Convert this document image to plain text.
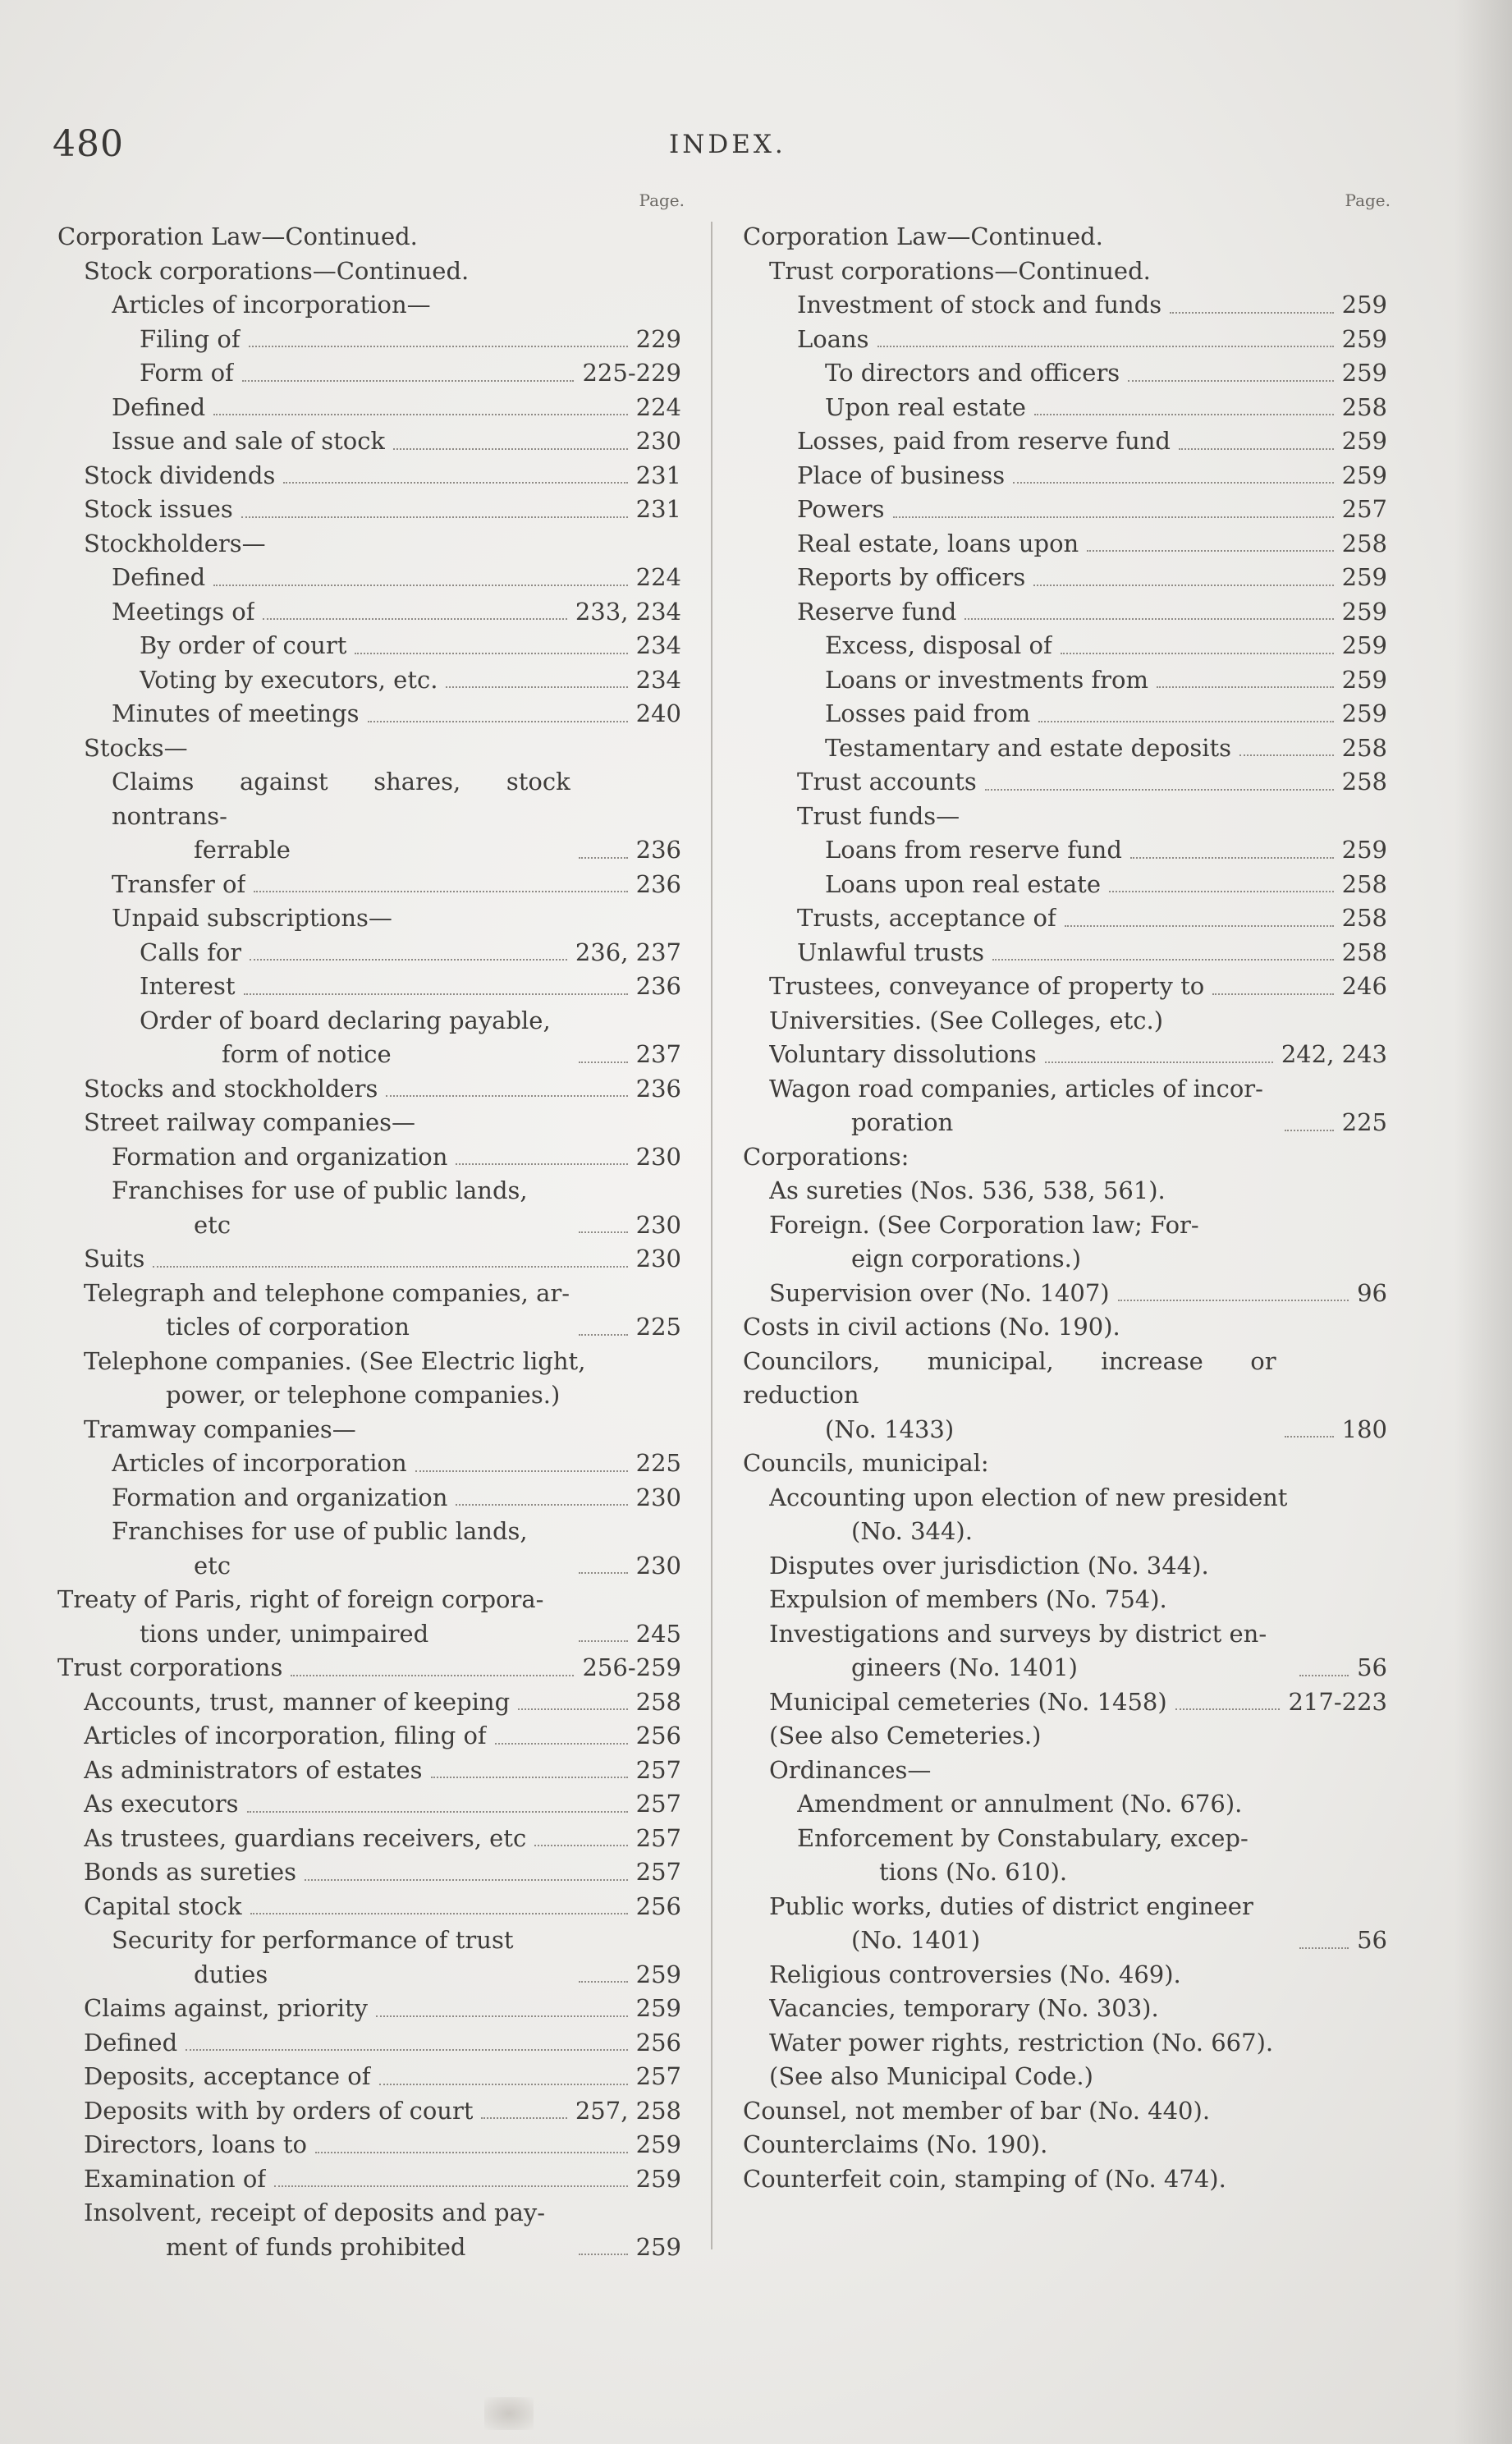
480	INDEX.
Page.
Corporation Law—Continued.
Stock corporations—Continued.
Articles of incorporation—
Filing of	229
Form of	225-229
Defined	224
Issue and sale of stock	230
Stock dividends	231
Stock issues	231
Stockholders—
Defined	224
Meetings of	233, 234
By order of court	234
Voting by executors, etc.	234
Minutes of meetings	240
Stocks—
Claims against shares, stock nontrans-
ferrable	236
Transfer of	236
Unpaid subscriptions—
Calls for	236, 237
Interest	236
Order of board declaring payable,
form of notice	237
Stocks and stockholders	236
Street railway companies—
Formation and organization	230
Franchises for use of public lands,
etc	230
Suits	230
Telegraph and telephone companies, ar-
ticles of corporation	225
Telephone companies. (See Electric light,
power, or telephone companies.)
Tramway companies—
Articles of incorporation	225
Formation and organization	230
Franchises for use of public lands,
etc	230
Treaty of Paris, right of foreign corpora-
tions under, unimpaired	245
Trust corporations	256-259
Accounts, trust, manner of keeping	258
Articles of incorporation, filing of	256
As administrators of estates	257
As executors	257
As trustees, guardians receivers, etc	257
Bonds as sureties	257
Capital stock	256
Security for performance of trust
duties	259
Claims against, priority	259
Defined	256
Deposits, acceptance of	257
Deposits with by orders of court	257, 258
Directors, loans to	259
Examination of	259
Insolvent, receipt of deposits and pay-
ment of funds prohibited	259
Page.
Corporation Law—Continued.
Trust corporations—Continued.
Investment of stock and funds	259
Loans	259
To directors and officers	259
Upon real estate	258
Losses, paid from reserve fund	259
Place of business	259
Powers	257
Real estate, loans upon	258
Reports by officers	259
Reserve fund	259
Excess, disposal of	259
Loans or investments from	259
Losses paid from	259
Testamentary and estate deposits	258
Trust accounts	258
Trust funds—
Loans from reserve fund	259
Loans upon real estate	258
Trusts, acceptance of	258
Unlawful trusts	258
Trustees, conveyance of property to	246
Universities. (See Colleges, etc.)
Voluntary dissolutions	242, 243
Wagon road companies, articles of incor-
poration	225
Corporations:
As sureties (Nos. 536, 538, 561).
Foreign. (See Corporation law; For-
eign corporations.)
Supervision over (No. 1407)	96
Costs in civil actions (No. 190).
Councilors, municipal, increase or reduction
(No. 1433)	180
Councils, municipal:
Accounting upon election of new president
(No. 344).
Disputes over jurisdiction (No. 344).
Expulsion of members (No. 754).
Investigations and surveys by district en-
gineers (No. 1401)	56
Municipal cemeteries (No. 1458)	217-223
(See also Cemeteries.)
Ordinances—
Amendment or annulment (No. 676).
Enforcement by Constabulary, excep-
tions (No. 610).
Public works, duties of district engineer
(No. 1401)	56
Religious controversies (No. 469).
Vacancies, temporary (No. 303).
Water power rights, restriction (No. 667).
(See also Municipal Code.)
Counsel, not member of bar (No. 440).
Counterclaims (No. 190).
Counterfeit coin, stamping of (No. 474).
